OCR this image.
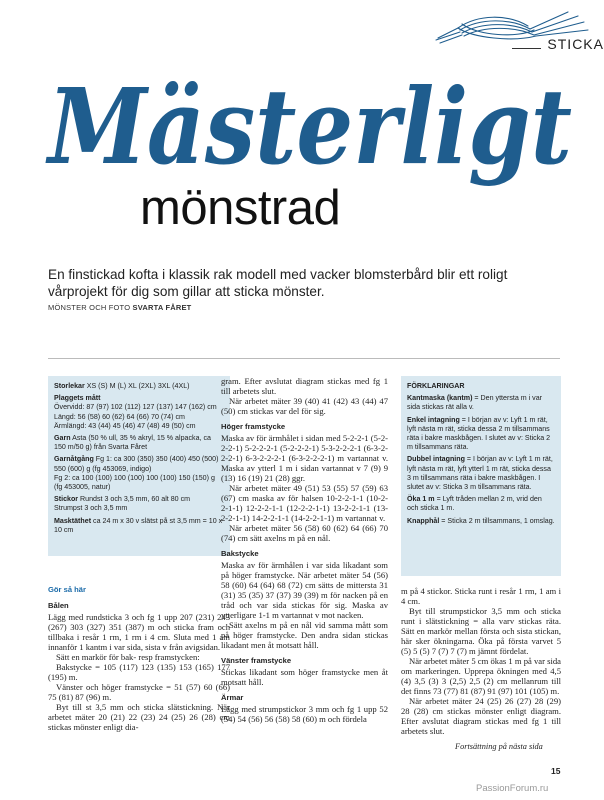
STICKA
Mästerligt
mönstrad
En finstickad kofta i klassik rak modell med vacker blomsterbård blir ett roligt vårprojekt för dig som gillar att sticka mönster.
MÖNSTER OCH FOTO SVARTA FÅRET

Storlekar XS (S) M (L) XL (2XL) 3XL (4XL)

Plaggets mått
Övervidd: 87 (97) 102 (112) 127 (137) 147 (162) cm
Längd: 56 (58) 60 (62) 64 (66) 70 (74) cm
Ärmlängd: 43 (44) 45 (46) 47 (48) 49 (50) cm

Garn Asta (50 % ull, 35 % akryl, 15 % alpacka, ca 150 m/50 g) från Svarta Fåret

Garnåtgång Fg 1: ca 300 (350) 350 (400) 450 (500) 550 (600) g (fg 453069, indigo)
Fg 2: ca 100 (100) 100 (100) 100 (100) 150 (150) g (fg 453005, natur)

Stickor Rundst 3 och 3,5 mm, 60 alt 80 cm
Strumpst 3 och 3,5 mm

Masktäthet ca 24 m x 30 v slätst på st 3,5 mm = 10 x 10 cm

Gör så här
Bålen

Lägg med rundsticka 3 och fg 1 upp 207 (231) 243 (267) 303 (327) 351 (387) m och sticka fram och tillbaka i resår 1 rm, 1 rm i 4 cm. Sluta med 1 am innanför 1 kantm i var sida, sista v från avigsidan.

Sätt en markör för bak- resp framstycken:

Bakstycke = 105 (117) 123 (135) 153 (165) 177 (195) m.

Vänster och höger framstycke = 51 (57) 60 (66) 75 (81) 87 (96) m.

Byt till st 3,5 mm och sticka slätstickning. När arbetet mäter 20 (21) 22 (23) 24 (25) 26 (28) cm stickas mönster enligt dia-

gram. Efter avslutat diagram stickas med fg 1 till arbetets slut.

När arbetet mäter 39 (40) 41 (42) 43 (44) 47 (50) cm stickas var del för sig.

Höger framstycke

Maska av för ärmhålet i sidan med 5-2-2-1 (5-2-2-2-1) 5-2-2-2-1 (5-2-2-2-1) 5-3-2-2-2-1 (6-3-2-2-2-1) 6-3-2-2-2-1 (6-3-2-2-2-1) m vartannat v. Maska av ytterl 1 m i sidan vartannat v 7 (9) 9 (13) 16 (19) 21 (28) ggr.

När arbetet mäter 49 (51) 53 (55) 57 (59) 63 (67) cm maska av för halsen 10-2-2-1-1 (10-2-2-1-1) 12-2-2-1-1 (12-2-2-1-1) 13-2-2-1-1 (13-2-2-1-1) 14-2-2-1-1 (14-2-2-1-1) m vartannat v.

När arbetet mäter 56 (58) 60 (62) 64 (66) 70 (74) cm sätt axelns m på en nål.

Bakstycke

Maska av för ärmhålen i var sida likadant som på höger framstycke. När arbetet mäter 54 (56) 58 (60) 64 (64) 68 (72) cm sätts de mittersta 31 (31) 35 (35) 37 (37) 39 (39) m för nacken på en tråd och var sida stickas för sig. Maska av ytterligare 1-1 m vartannat v mot nacken.

Sätt axelns m på en nål vid samma mått som på höger framstycke. Den andra sidan stickas likadant men åt motsatt håll.

Vänster framstycke

Stickas likadant som höger framstycke men åt motsatt håll.

Ärmar

Lägg med strumpstickor 3 mm och fg 1 upp 52 (54) 54 (56) 56 (58) 58 (60) m och fördela

FÖRKLARINGAR

Kantmaska (kantm) = Den yttersta m i var sida stickas rät alla v.

Enkel intagning = I början av v: Lyft 1 m rät, lyft nästa m rät, sticka dessa 2 m tillsammans räta i bakre maskbågen. I slutet av v: Sticka 2 m tillsammans räta.

Dubbel intagning = I början av v: Lyft 1 m rät, lyft nästa m rät, lyft ytterl 1 m rät, sticka dessa 3 m tillsammans räta i bakre maskbågen. I slutet av v: Sticka 3 m tillsammans räta.

Öka 1 m = Lyft tråden mellan 2 m, vrid den och sticka 1 m.

Knapphål = Sticka 2 m tillsammans, 1 omslag.

m på 4 stickor. Sticka runt i resår 1 rm, 1 am i 4 cm.

Byt till strumpstickor 3,5 mm och sticka runt i slätstickning = alla varv stickas räta. Sätt en markör mellan första och sista stickan, här sker ökningarna. Öka på första varvet 5 (5) 5 (5) 7 (7) 7 (7) m jämnt fördelat.

När arbetet mäter 5 cm ökas 1 m på var sida om markeringen. Upprepa ökningen med 4,5 (4) 3,5 (3) 3 (2,5) 2,5 (2) cm mellanrum till det finns 73 (77) 81 (87) 91 (97) 101 (105) m.

När arbetet mäter 24 (25) 26 (27) 28 (29) 28 (28) cm stickas mönster enligt diagram. Efter avslutat diagram stickas med fg 1 till arbetets slut.

Fortsättning på nästa sida
15
PassionForum.ru
